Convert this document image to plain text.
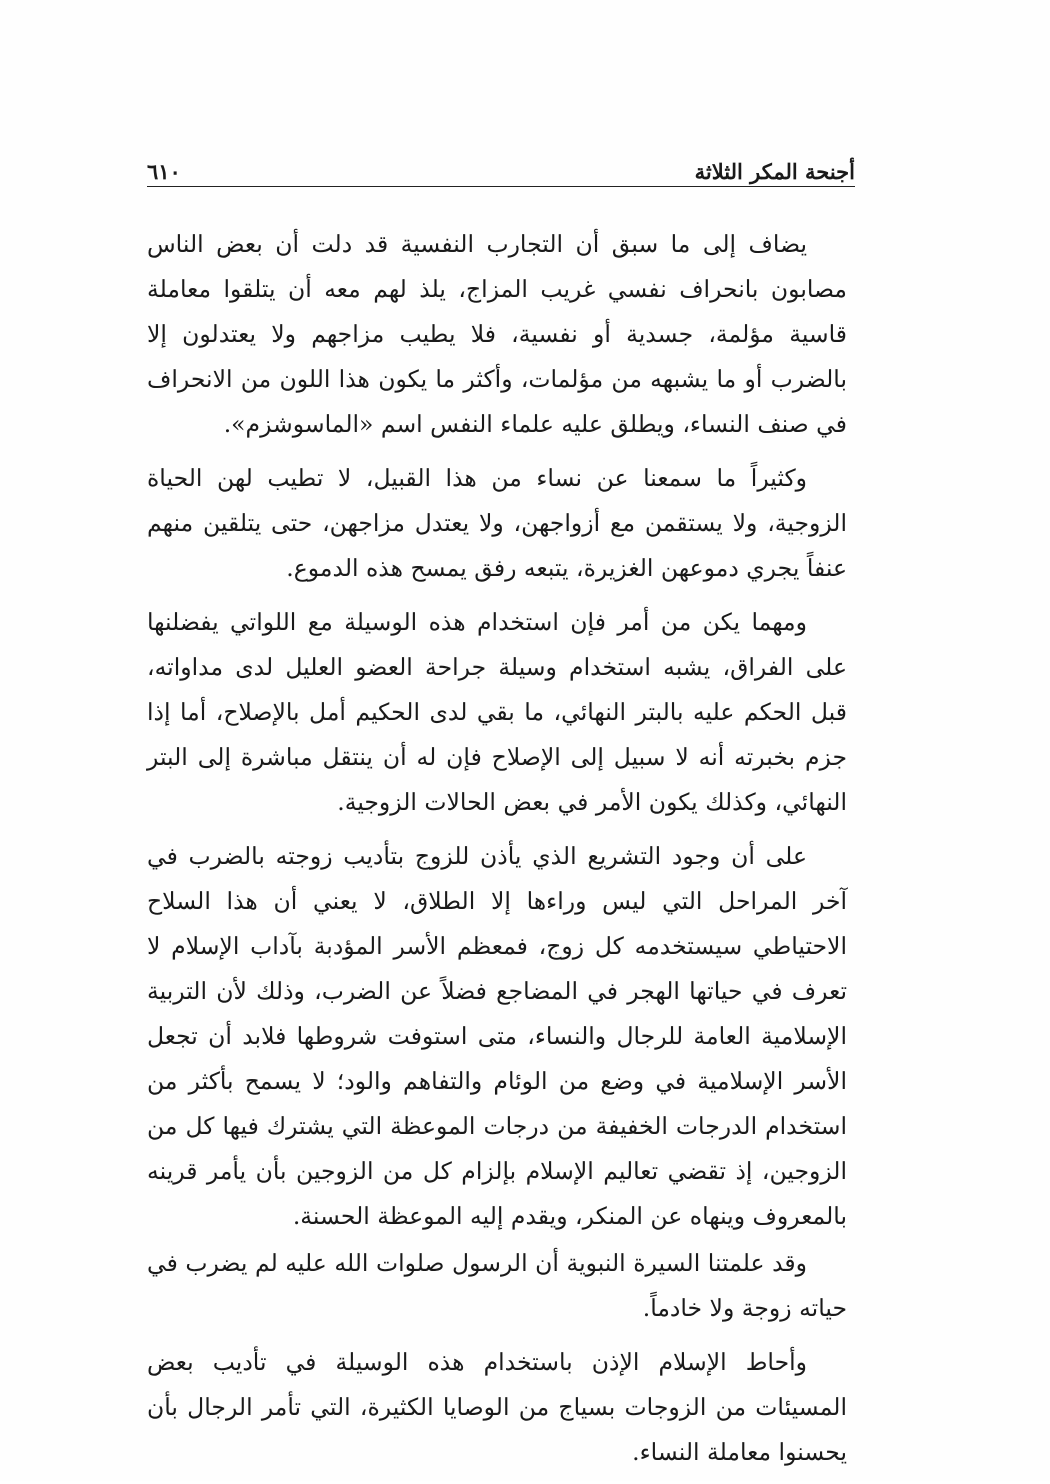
أجنحة المكر الثلاثة
٦١٠

يضاف إلى ما سبق أن التجارب النفسية قد دلت أن بعض الناس مصابون بانحراف نفسي غريب المزاج، يلذ لهم معه أن يتلقوا معاملة قاسية مؤلمة، جسدية أو نفسية، فلا يطيب مزاجهم ولا يعتدلون إلا بالضرب أو ما يشبهه من مؤلمات، وأكثر ما يكون هذا اللون من الانحراف في صنف النساء، ويطلق عليه علماء النفس اسم «الماسوشزم».

وكثيراً ما سمعنا عن نساء من هذا القبيل، لا تطيب لهن الحياة الزوجية، ولا يستقمن مع أزواجهن، ولا يعتدل مزاجهن، حتى يتلقين منهم عنفاً يجري دموعهن الغزيرة، يتبعه رفق يمسح هذه الدموع.

ومهما يكن من أمر فإن استخدام هذه الوسيلة مع اللواتي يفضلنها على الفراق، يشبه استخدام وسيلة جراحة العضو العليل لدى مداواته، قبل الحكم عليه بالبتر النهائي، ما بقي لدى الحكيم أمل بالإصلاح، أما إذا جزم بخبرته أنه لا سبيل إلى الإصلاح فإن له أن ينتقل مباشرة إلى البتر النهائي، وكذلك يكون الأمر في بعض الحالات الزوجية.

على أن وجود التشريع الذي يأذن للزوج بتأديب زوجته بالضرب في آخر المراحل التي ليس وراءها إلا الطلاق، لا يعني أن هذا السلاح الاحتياطي سيستخدمه كل زوج، فمعظم الأسر المؤدبة بآداب الإسلام لا تعرف في حياتها الهجر في المضاجع فضلاً عن الضرب، وذلك لأن التربية الإسلامية العامة للرجال والنساء، متى استوفت شروطها فلابد أن تجعل الأسر الإسلامية في وضع من الوئام والتفاهم والود؛ لا يسمح بأكثر من استخدام الدرجات الخفيفة من درجات الموعظة التي يشترك فيها كل من الزوجين، إذ تقضي تعاليم الإسلام بإلزام كل من الزوجين بأن يأمر قرينه بالمعروف وينهاه عن المنكر، ويقدم إليه الموعظة الحسنة.

وقد علمتنا السيرة النبوية أن الرسول صلوات الله عليه لم يضرب في حياته زوجة ولا خادماً.

وأحاط الإسلام الإذن باستخدام هذه الوسيلة في تأديب بعض المسيئات من الزوجات بسياج من الوصايا الكثيرة، التي تأمر الرجال بأن يحسنوا معاملة النساء.
